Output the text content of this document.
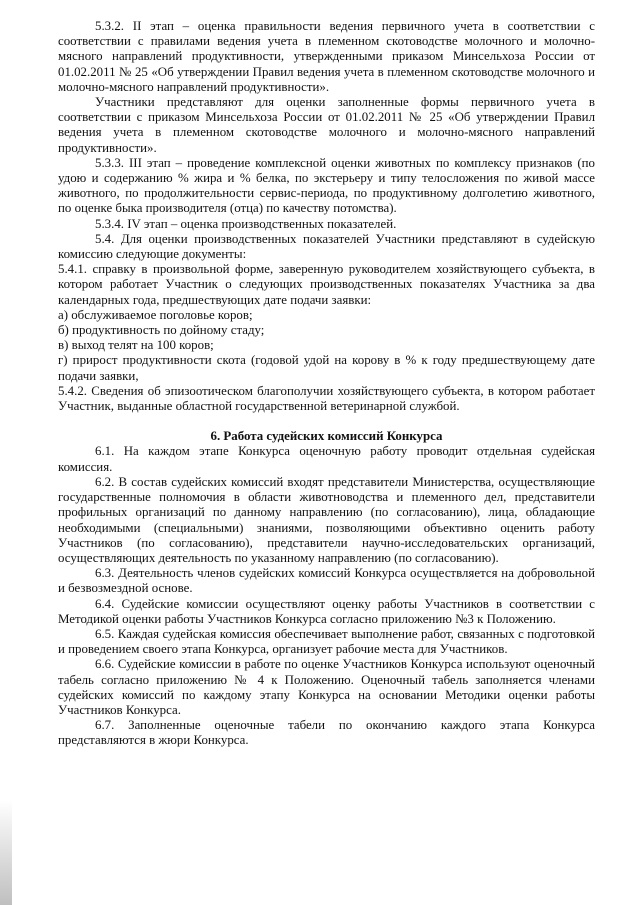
5.3.2. II этап – оценка правильности ведения первичного учета в соответствии с соответствии с правилами ведения учета в племенном скотоводстве молочного и молочно-мясного направлений продуктивности, утвержденными приказом Минсельхоза России от 01.02.2011 № 25 «Об утверждении Правил ведения учета в племенном скотоводстве молочного и молочно-мясного направлений продуктивности».

Участники представляют для оценки заполненные формы первичного учета в соответствии с приказом Минсельхоза России от 01.02.2011 № 25 «Об утверждении Правил ведения учета в племенном скотоводстве молочного и молочно-мясного направлений продуктивности».

5.3.3. III этап – проведение комплексной оценки животных по комплексу признаков (по удою и содержанию % жира и % белка, по экстерьеру и типу телосложения по живой массе животного, по продолжительности сервис-периода, по продуктивному долголетию животного, по оценке быка производителя (отца) по качеству потомства).

5.3.4. IV этап – оценка производственных показателей.

5.4. Для оценки производственных показателей Участники представляют в судейскую комиссию следующие документы:

5.4.1. справку в произвольной форме, заверенную руководителем хозяйствующего субъекта, в котором работает Участник о следующих производственных показателях Участника за два календарных года, предшествующих дате подачи заявки:

а) обслуживаемое поголовье коров;

б) продуктивность по дойному стаду;

в) выход телят на 100 коров;

г) прирост продуктивности скота (годовой удой на корову в % к году предшествующему дате подачи заявки,

5.4.2. Сведения об эпизоотическом благополучии хозяйствующего субъекта, в котором работает Участник, выданные областной государственной ветеринарной службой.

6. Работа судейских комиссий Конкурса

6.1. На каждом этапе Конкурса оценочную работу проводит отдельная судейская комиссия.

6.2. В состав судейских комиссий входят представители Министерства, осуществляющие государственные полномочия в области животноводства и племенного дел, представители профильных организаций по данному направлению (по согласованию), лица, обладающие необходимыми (специальными) знаниями, позволяющими объективно оценить работу Участников (по согласованию), представители научно-исследовательских организаций, осуществляющих деятельность по указанному направлению (по согласованию).

6.3. Деятельность членов судейских комиссий Конкурса осуществляется на добровольной и безвозмездной основе.

6.4. Судейские комиссии осуществляют оценку работы Участников в соответствии с Методикой оценки работы Участников Конкурса согласно приложению №3 к Положению.

6.5. Каждая судейская комиссия обеспечивает выполнение работ, связанных с подготовкой и проведением своего этапа Конкурса, организует рабочие места для Участников.

6.6. Судейские комиссии в работе по оценке Участников Конкурса используют оценочный табель согласно приложению № 4 к Положению. Оценочный табель заполняется членами судейских комиссий по каждому этапу Конкурса на основании Методики оценки работы Участников Конкурса.

6.7. Заполненные оценочные табели по окончанию каждого этапа Конкурса представляются в жюри Конкурса.
